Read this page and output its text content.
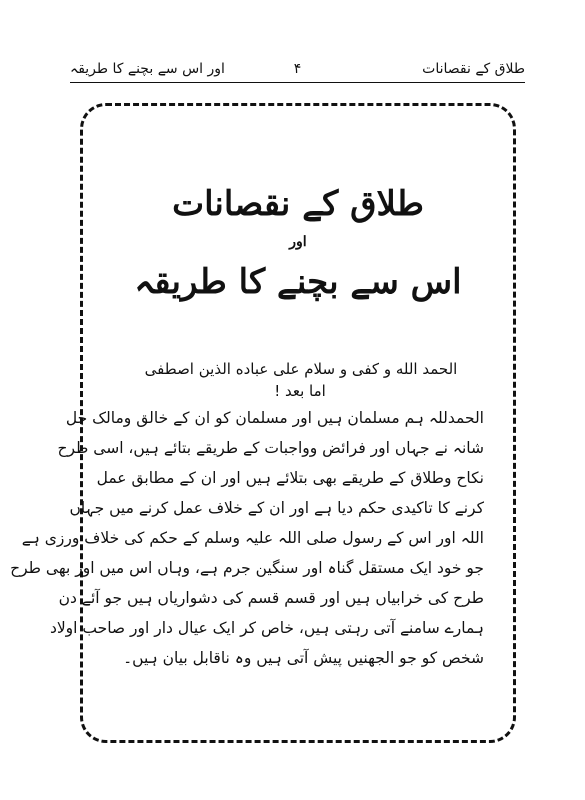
طلاق کے نقصانات
۴
اور اس سے بچنے کا طریقہ
طلاق کے نقصانات
اور
اس سے بچنے کا طریقہ
الحمد الله و کفی و سلام علی عباده الذین اصطفی
اما بعد !
الحمدللہ ہم مسلمان ہیں اور مسلمان کو ان کے خالق ومالک جل
شانہ نے جہاں اور فرائض وواجبات کے طریقے بتائے ہیں، اسی طرح
نکاح وطلاق کے طریقے بھی بتلائے ہیں اور ان کے مطابق عمل
کرنے کا تاکیدی حکم دیا ہے اور ان کے خلاف عمل کرنے میں جہاں
اللہ اور اس کے رسول صلی اللہ علیہ وسلم کے حکم کی خلاف ورزی ہے
جو خود ایک مستقل گناہ اور سنگین جرم ہے، وہاں اس میں اور بھی طرح
طرح کی خرابیاں ہیں اور قسم قسم کی دشواریاں ہیں جو آئے دن
ہمارے سامنے آتی رہتی ہیں، خاص کر ایک عیال دار اور صاحب اولاد
شخص کو جو الجھنیں پیش آتی ہیں وہ ناقابل بیان ہیں۔
